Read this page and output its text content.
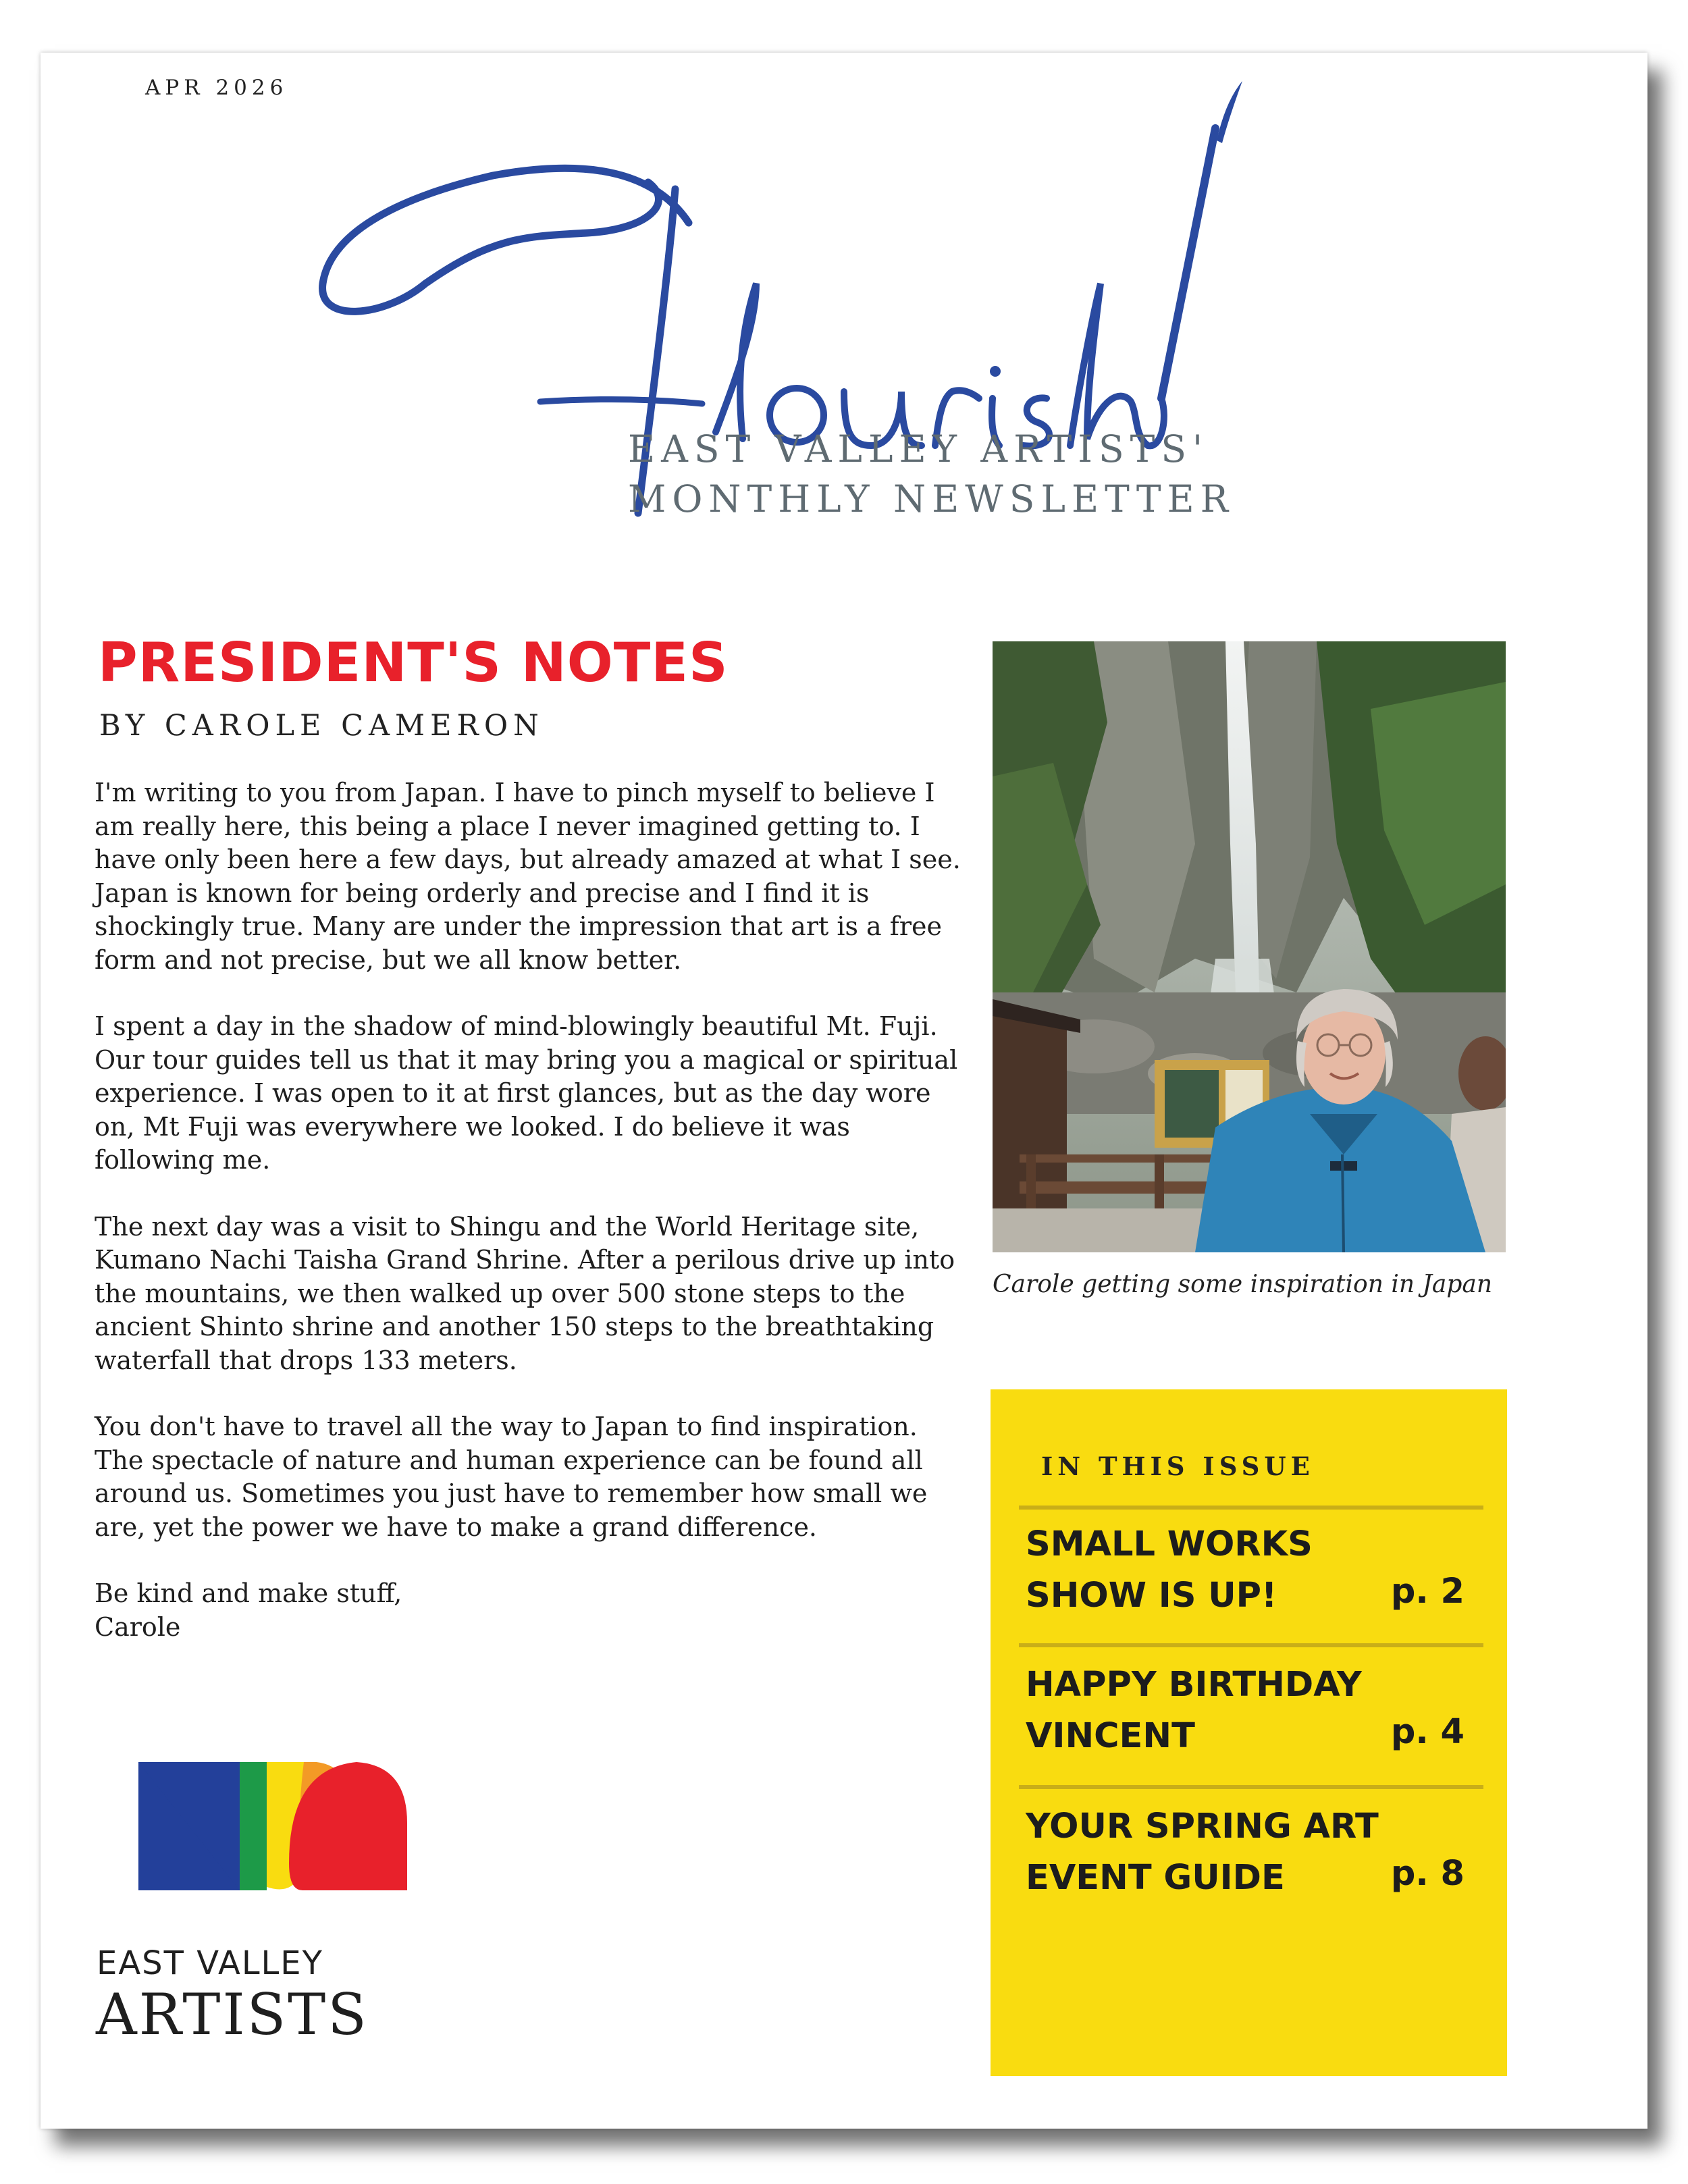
APR 2026
EAST VALLEY ARTISTS'
MONTHLY NEWSLETTER
PRESIDENT'S NOTES
BY CAROLE CAMERON

I'm writing to you from Japan. I have to pinch myself to believe I am really here, this being a place I never imagined getting to. I have only been here a few days, but already amazed at what I see. Japan is known for being orderly and precise and I find it is shockingly true. Many are under the impression that art is a free form and not precise, but we all know better.

I spent a day in the shadow of mind-blowingly beautiful Mt. Fuji. Our tour guides tell us that it may bring you a magical or spiritual experience. I was open to it at first glances, but as the day wore on, Mt Fuji was everywhere we looked. I do believe it was following me.

The next day was a visit to Shingu and the World Heritage site, Kumano Nachi Taisha Grand Shrine. After a perilous drive up into the mountains, we then walked up over 500 stone steps to the ancient Shinto shrine and another 150 steps to the breathtaking waterfall that drops 133 meters.

You don't have to travel all the way to Japan to find inspiration. The spectacle of nature and human experience can be found all around us. Sometimes you just have to remember how small we are, yet the power we have to make a grand difference.

Be kind and make stuff,
Carole
Carole getting some inspiration in Japan
IN THIS ISSUE
SMALL WORKS
SHOW IS UP!	p. 2
HAPPY BIRTHDAY
VINCENT	p. 4
YOUR SPRING ART
EVENT GUIDE	p. 8
EAST VALLEY
ARTISTS
